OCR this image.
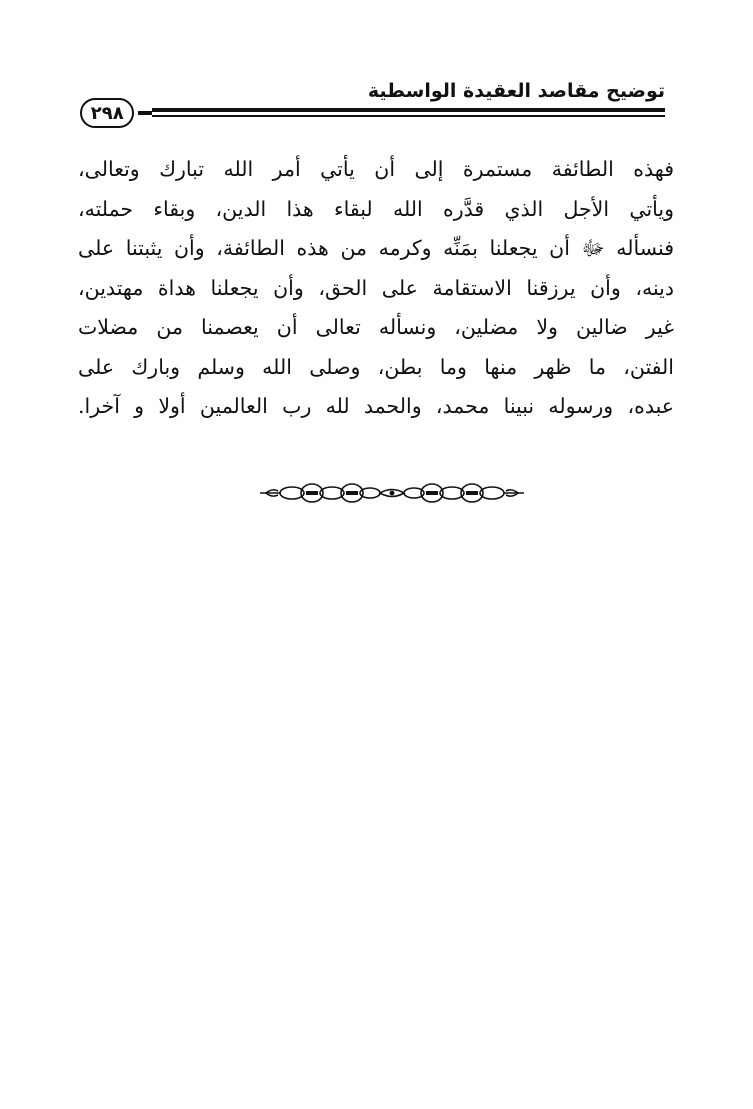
توضيح مقاصد العقيدة الواسطية
٢٩٨
فهذه الطائفة مستمرة إلى أن يأتي أمر الله تبارك وتعالى،
ويأتي الأجل الذي قدَّره الله لبقاء هذا الدين، وبقاء حملته،
فنسأله ﷻ أن يجعلنا بمَنِّه وكرمه من هذه الطائفة، وأن يثبتنا على
دينه، وأن يرزقنا الاستقامة على الحق، وأن يجعلنا هداة مهتدين،
غير ضالين ولا مضلين، ونسأله تعالى أن يعصمنا من مضلات
الفتن، ما ظهر منها وما بطن، وصلى الله وسلم وبارك على
عبده، ورسوله نبينا محمد، والحمد لله رب العالمين أولا و آخرا.
